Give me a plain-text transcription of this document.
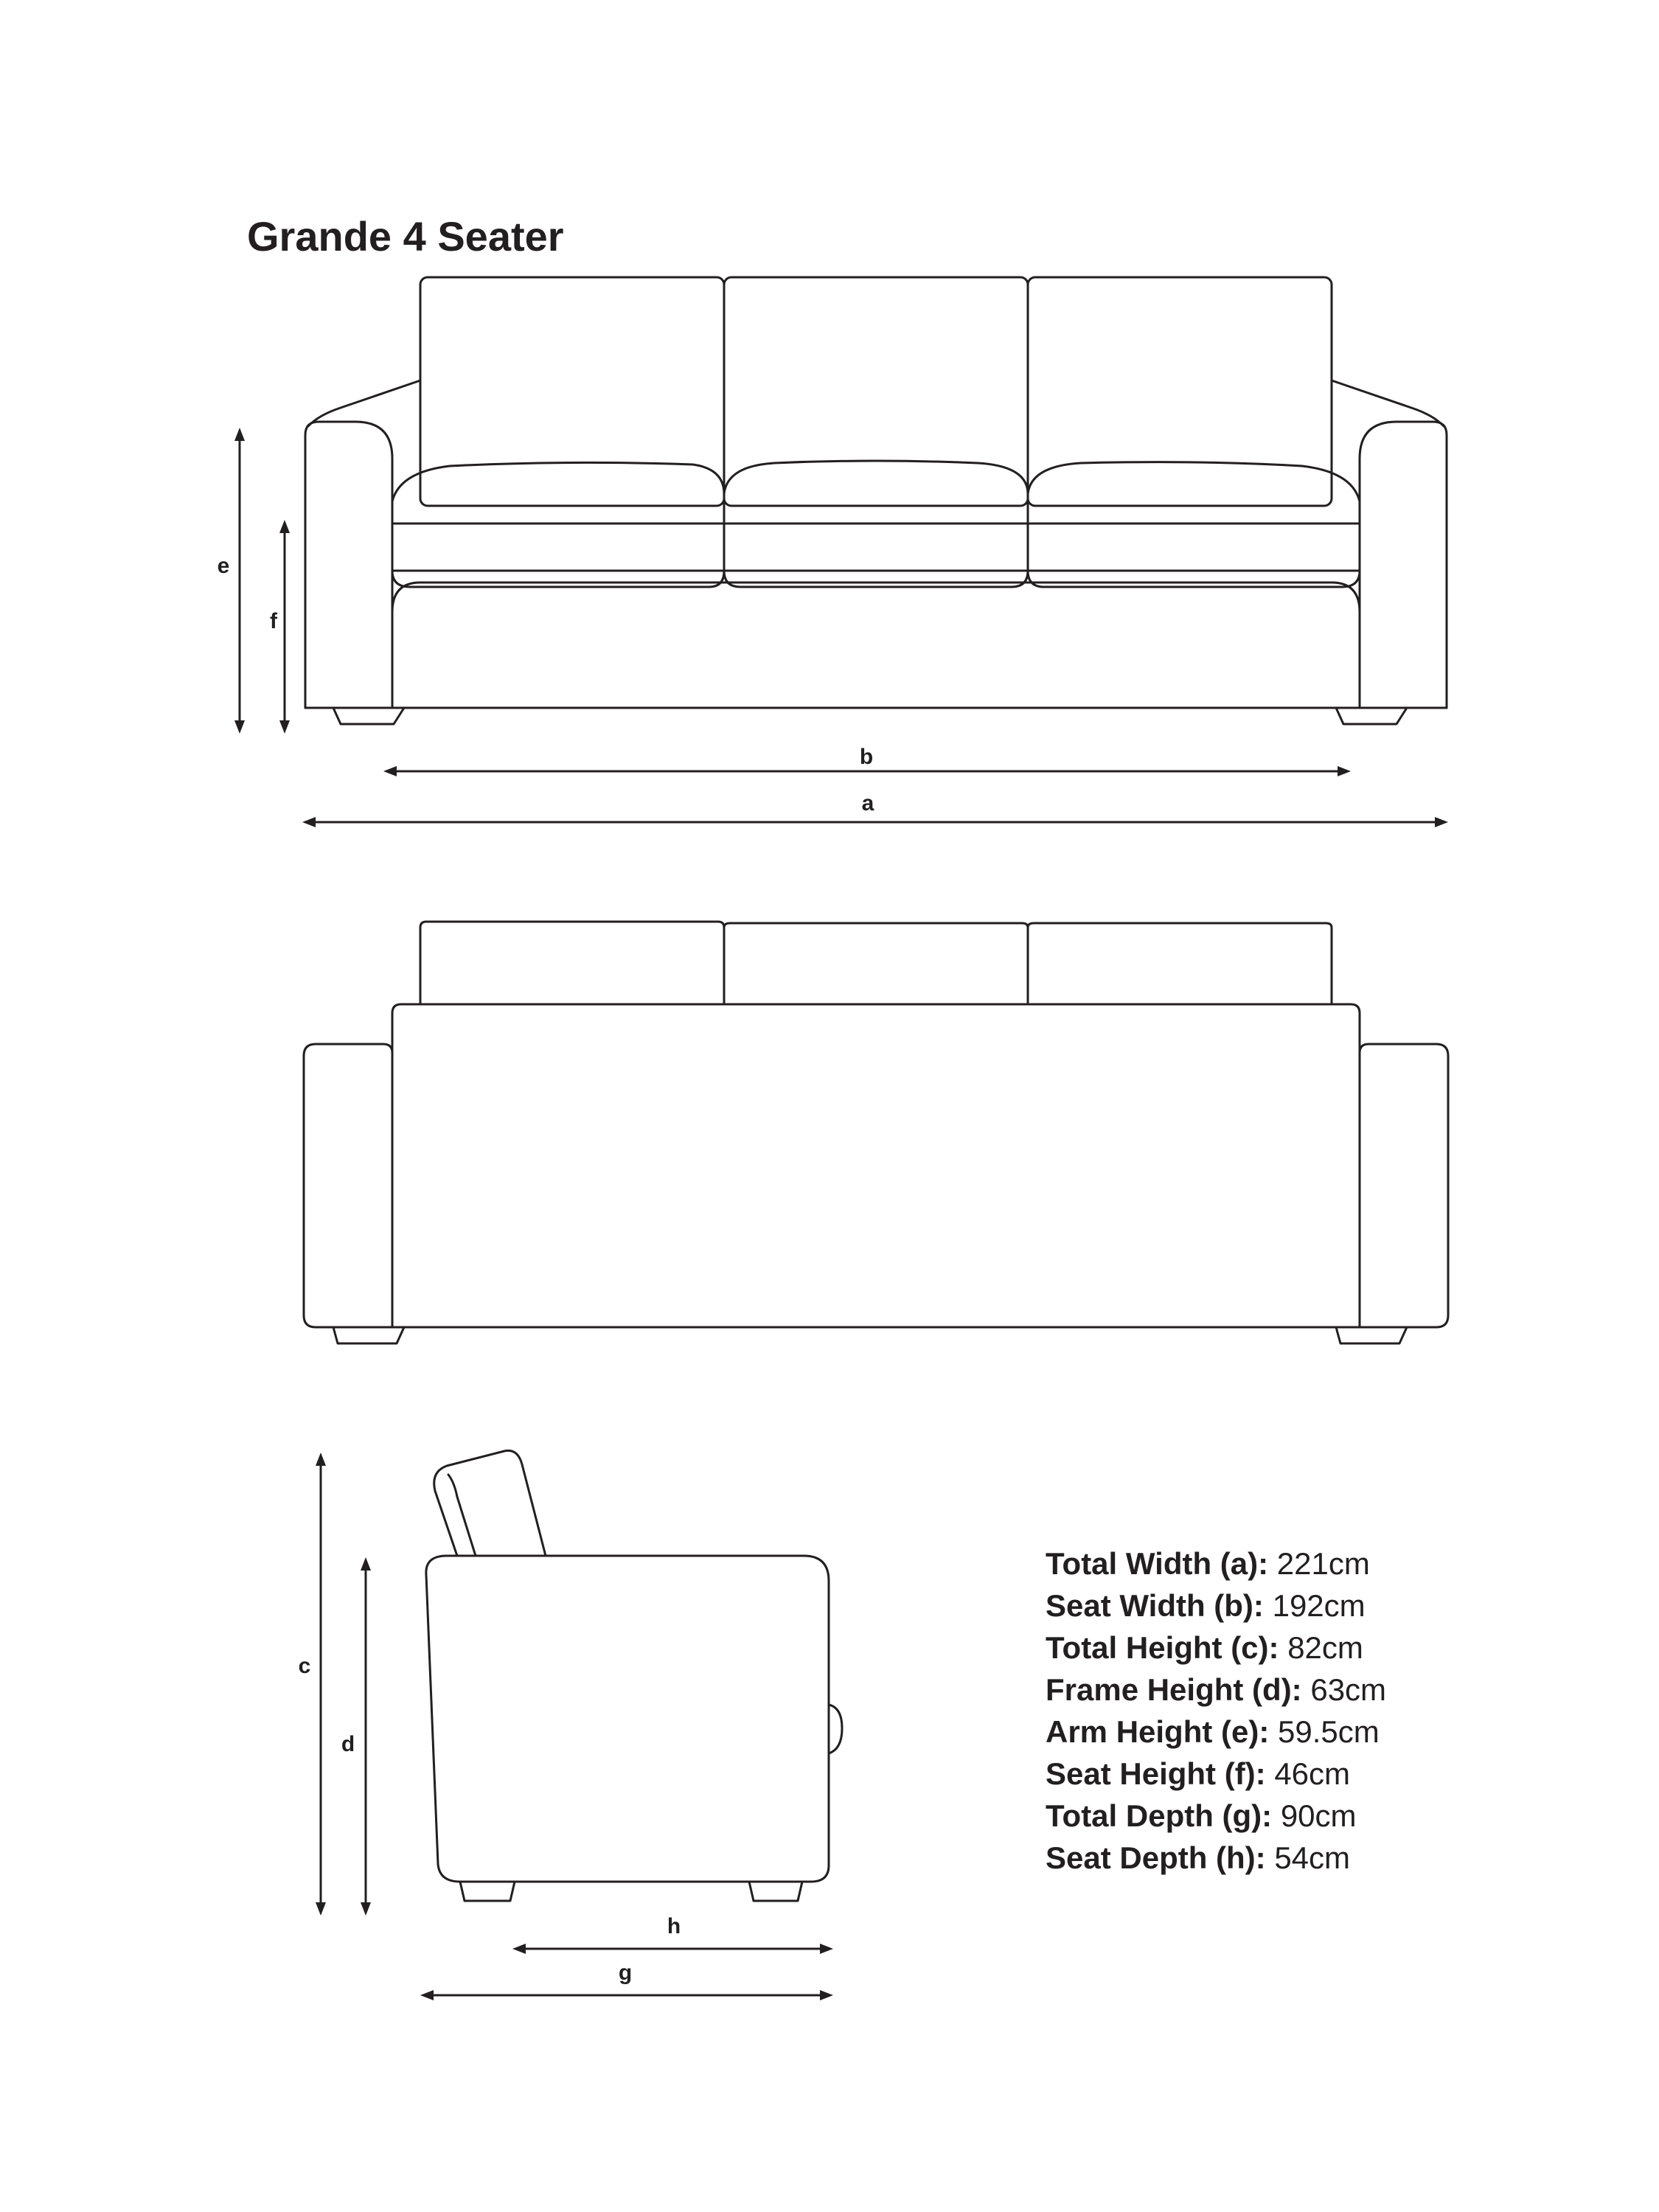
Grande 4 Seater
e
f
b
a
c
d
h
g
Total Width (a): 221cm
Seat Width (b): 192cm
Total Height (c): 82cm
Frame Height (d): 63cm
Arm Height (e): 59.5cm
Seat Height (f): 46cm
Total Depth (g): 90cm
Seat Depth (h): 54cm
